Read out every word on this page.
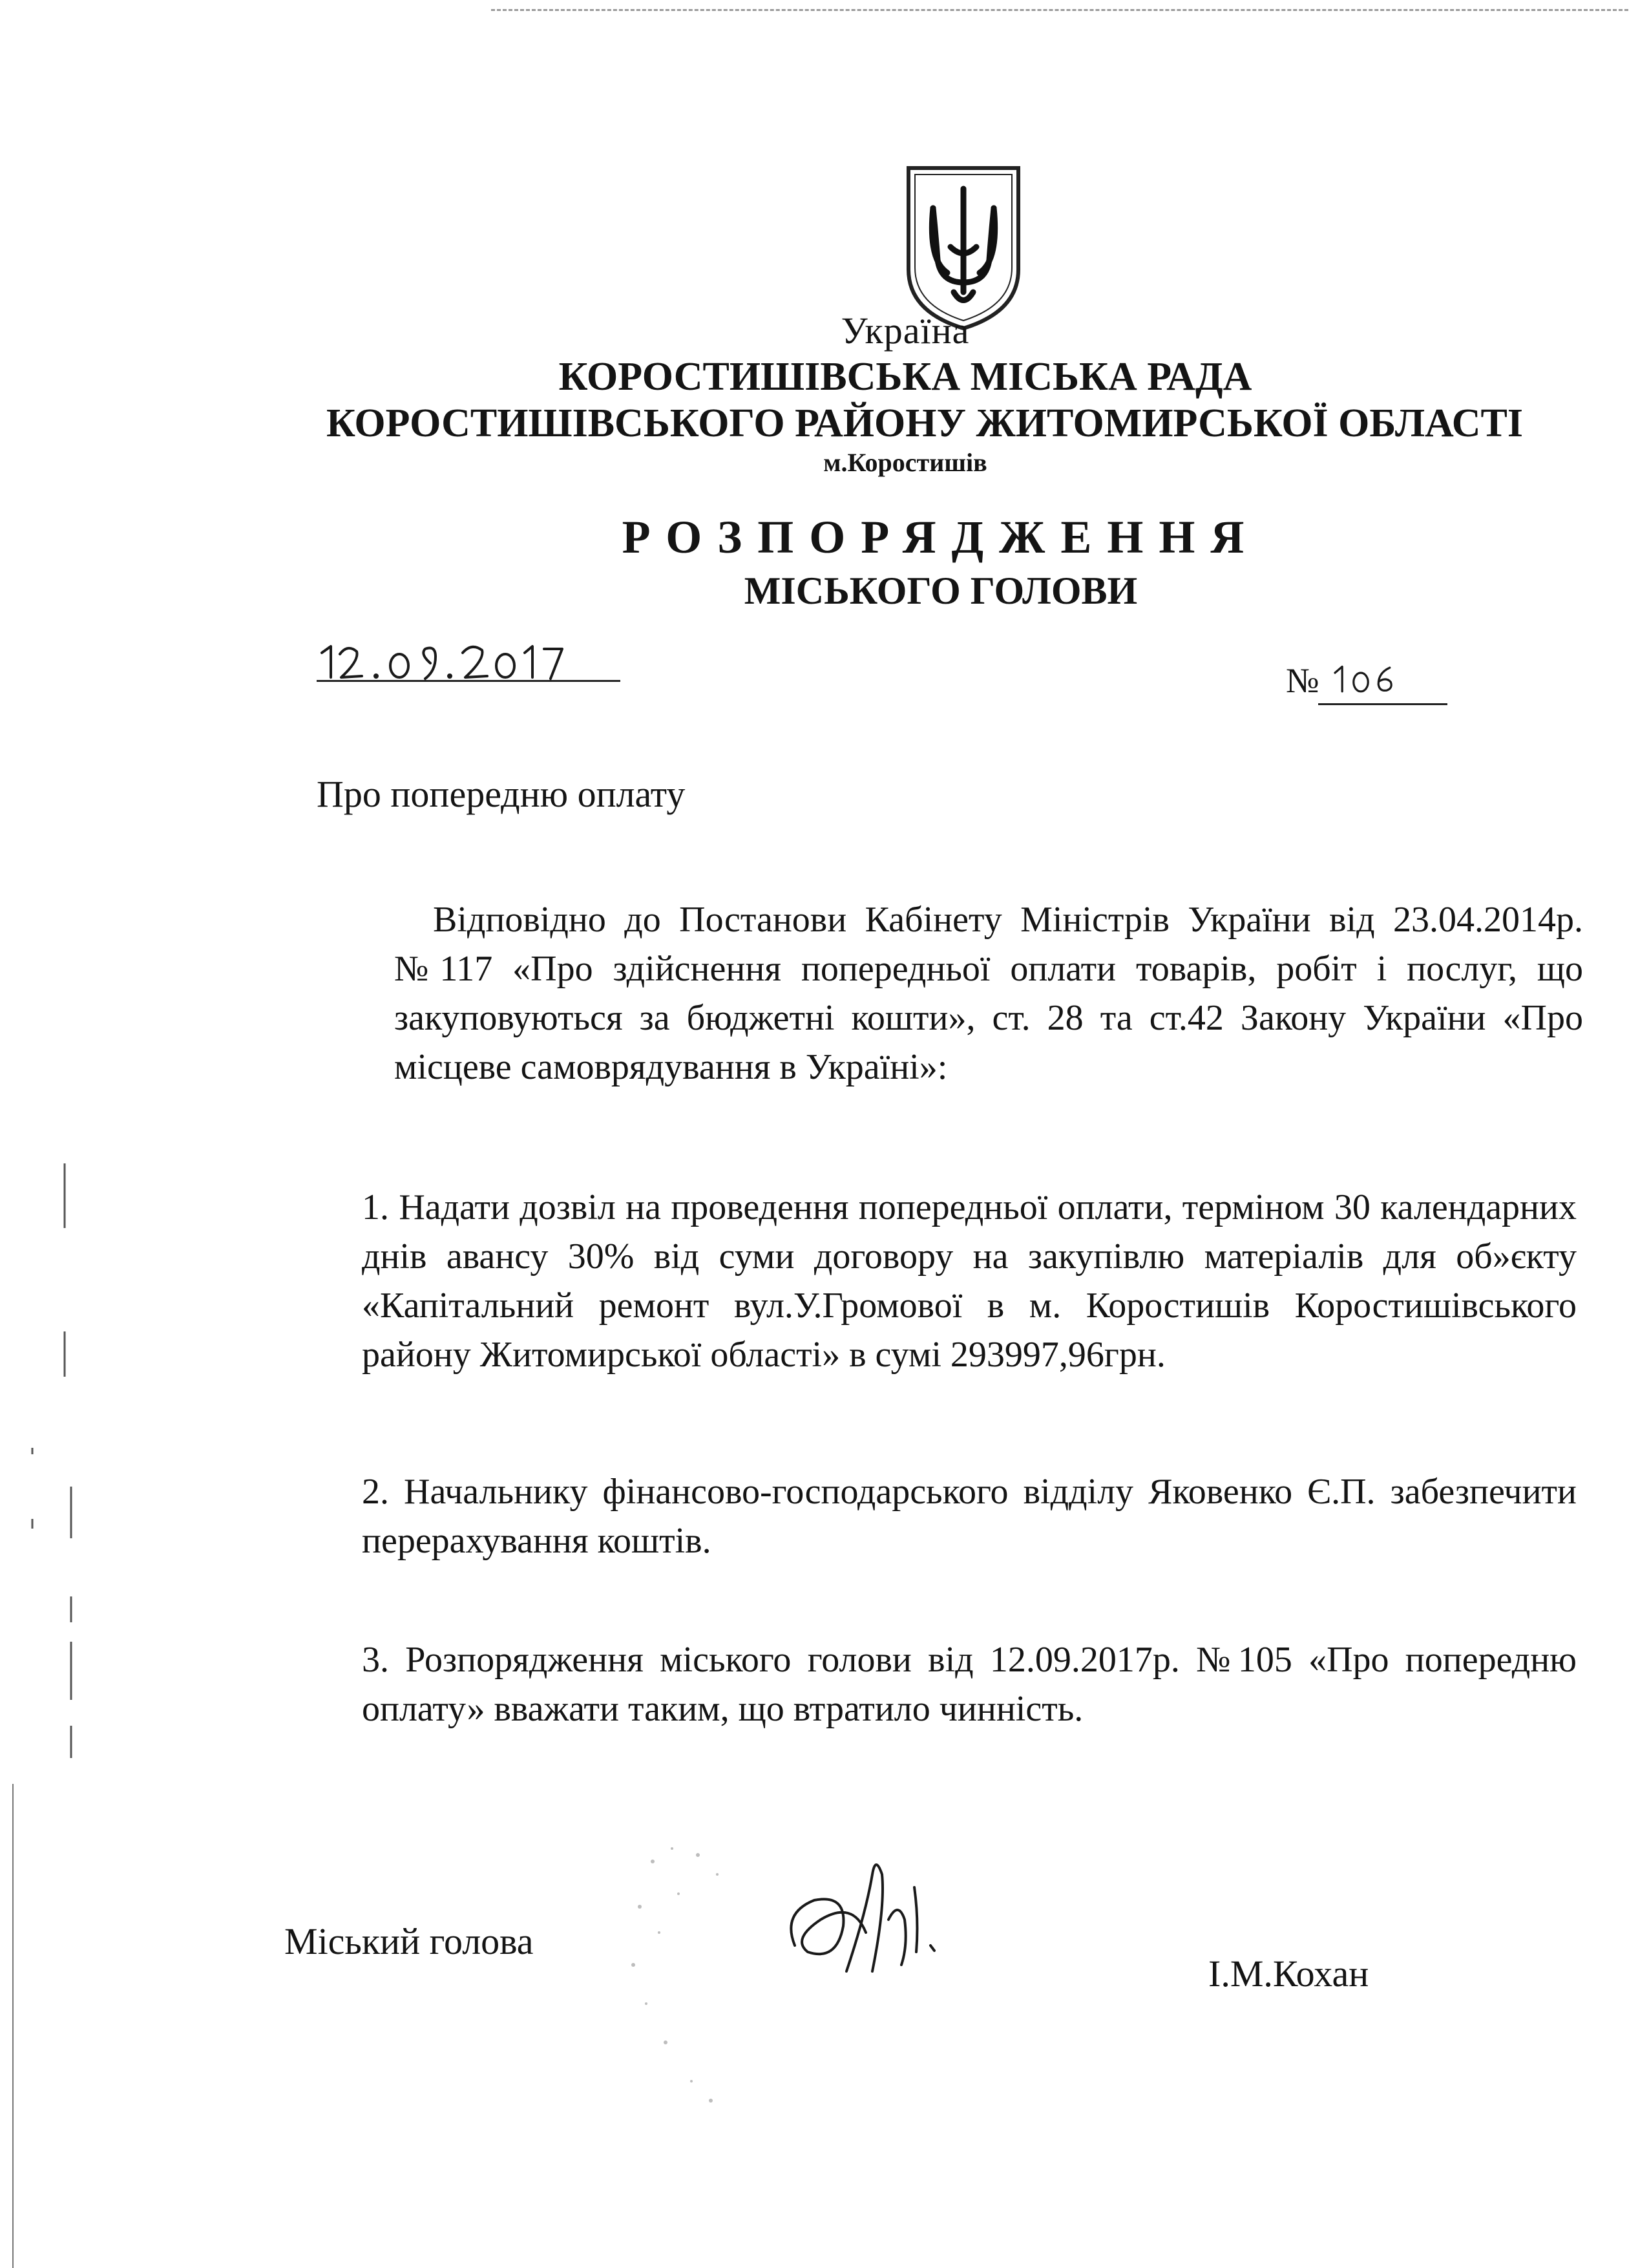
Україна
КОРОСТИШІВСЬКА МІСЬКА РАДА
КОРОСТИШІВСЬКОГО РАЙОНУ ЖИТОМИРСЬКОЇ ОБЛАСТІ
м.Коростишів
РОЗПОРЯДЖЕННЯ
МІСЬКОГО ГОЛОВИ
№
Про попередню оплату
Відповідно до Постанови Кабінету Міністрів України від 23.04.2014р. №117 «Про здійснення попередньої оплати товарів, робіт і послуг, що закуповуються за бюджетні кошти», ст. 28 та ст.42 Закону України «Про місцеве самоврядування в Україні»:
1. Надати дозвіл на проведення попередньої оплати, терміном 30 календарних днів авансу 30% від суми договору на закупівлю матеріалів для об»єкту «Капітальний ремонт вул.У.Громової в м. Коростишів Коростишівського району Житомирської області» в сумі 293997,96грн.
2. Начальнику фінансово-господарського відділу Яковенко Є.П. забезпечити перерахування коштів.
3. Розпорядження міського голови від 12.09.2017р. №105 «Про попередню оплату» вважати таким, що втратило чинність.
Міський голова
І.М.Кохан
